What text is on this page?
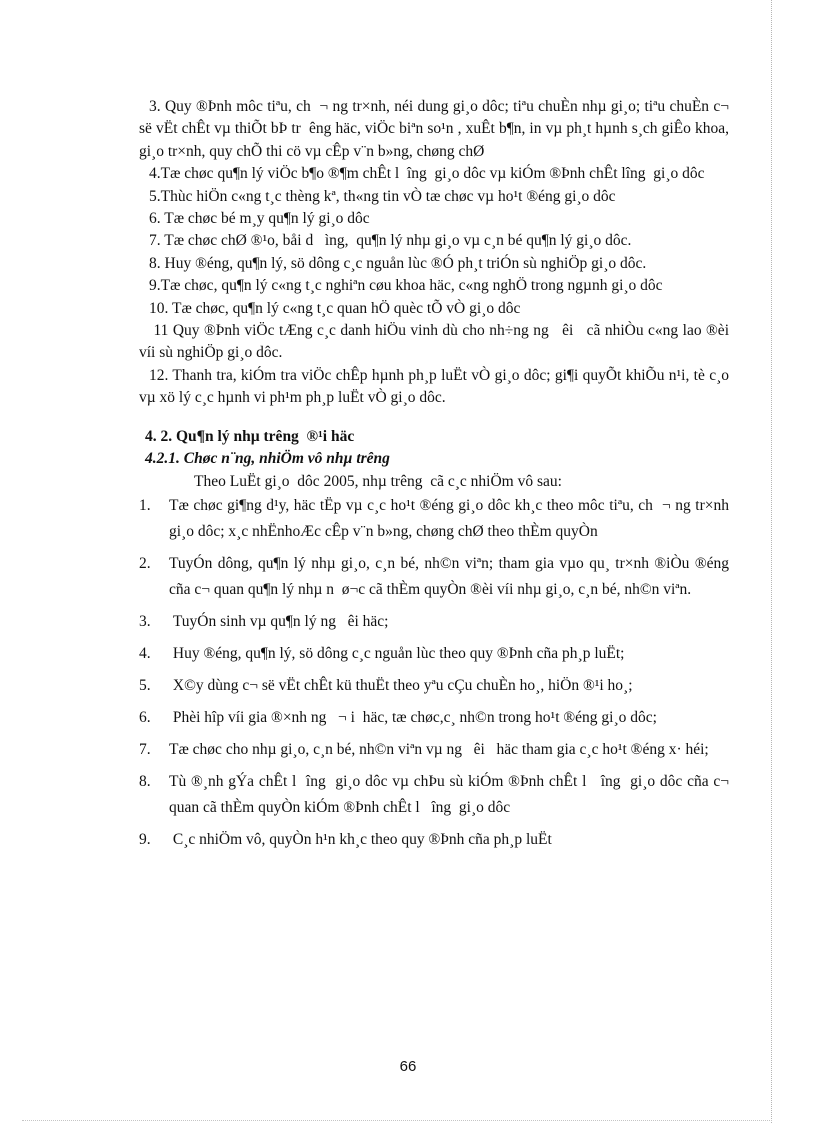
3. Quy ®Þnh môc tiªu, ch  ¬ ng tr×nh, néi dung gi¸o dôc; tiªu chuÈn nhµ gi¸o; tiªu chuÈn c¬ së vËt chÊt vµ thiÕt bÞ tr  êng häc, viÖc biªn so¹n , xuÊt b¶n, in vµ ph¸t hµnh s¸ch giÊo khoa, gi¸o tr×nh, quy chÕ thi cö vµ cÊp v¨n b»ng, chøng chØ

4.Tæ chøc qu¶n lý viÖc b¶o ®¶m chÊt l  îng  gi¸o dôc vµ kiÓm ®Þnh chÊt lîng  gi¸o dôc

5.Thùc hiÖn c«ng t¸c thèng kª, th«ng tin vÒ tæ chøc vµ ho¹t ®éng gi¸o dôc

6. Tæ chøc bé m¸y qu¶n lý gi¸o dôc

7. Tæ chøc chØ ®¹o, båi d   ìng,  qu¶n lý nhµ gi¸o vµ c¸n bé qu¶n lý gi¸o dôc.

8. Huy ®éng, qu¶n lý, sö dông c¸c nguån lùc ®Ó ph¸t triÓn sù nghiÖp gi¸o dôc.

9.Tæ chøc, qu¶n lý c«ng t¸c nghiªn cøu khoa häc, c«ng nghÖ trong ngµnh gi¸o dôc

10. Tæ chøc, qu¶n lý c«ng t¸c quan hÖ quèc tÕ vÒ gi¸o dôc

11 Quy ®Þnh viÖc tÆng c¸c danh hiÖu vinh dù cho nh÷ng ng   êi   cã nhiÒu c«ng lao ®èi víi sù nghiÖp gi¸o dôc.

12. Thanh tra, kiÓm tra viÖc chÊp hµnh ph¸p luËt vÒ gi¸o dôc; gi¶i quyÕt khiÕu n¹i, tè c¸o vµ xö lý c¸c hµnh vi ph¹m ph¸p luËt vÒ gi¸o dôc.

4. 2. Qu¶n lý nhµ trêng  ®¹i häc
4.2.1. Chøc n¨ng, nhiÖm vô nhµ trêng

Theo LuËt gi¸o  dôc 2005, nhµ trêng  cã c¸c nhiÖm vô sau:

1.	Tæ chøc gi¶ng d¹y, häc tËp vµ c¸c ho¹t ®éng gi¸o dôc kh¸c theo môc tiªu, ch  ¬ ng tr×nh gi¸o dôc; x¸c nhËnhoÆc cÊp v¨n b»ng, chøng chØ theo thÈm quyÒn
2.	TuyÓn dông, qu¶n lý nhµ gi¸o, c¸n bé, nh©n viªn; tham gia vµo qu¸ tr×nh ®iÒu ®éng cña c¬ quan qu¶n lý nhµ n  ø¬c cã thÈm quyÒn ®èi víi nhµ gi¸o, c¸n bé, nh©n viªn.
3.	TuyÓn sinh vµ qu¶n lý ng   êi häc;
4.	Huy ®éng, qu¶n lý, sö dông c¸c nguån lùc theo quy ®Þnh cña ph¸p luËt;
5.	X©y dùng c¬ së vËt chÊt kü thuËt theo yªu cÇu chuÈn ho¸, hiÖn ®¹i ho¸;
6.	Phèi hîp víi gia ®×nh ng   ¬ i  häc, tæ chøc,c¸ nh©n trong ho¹t ®éng gi¸o dôc;
7.	Tæ chøc cho nhµ gi¸o, c¸n bé, nh©n viªn vµ ng   êi   häc tham gia c¸c ho¹t ®éng x· héi;
8.	Tù ®¸nh gÝa chÊt l  îng  gi¸o dôc vµ chÞu sù kiÓm ®Þnh chÊt l   îng  gi¸o dôc cña c¬ quan cã thÈm quyÒn kiÓm ®Þnh chÊt l   îng  gi¸o dôc
9.	C¸c nhiÖm vô, quyÒn h¹n kh¸c theo quy ®Þnh cña ph¸p luËt
66
